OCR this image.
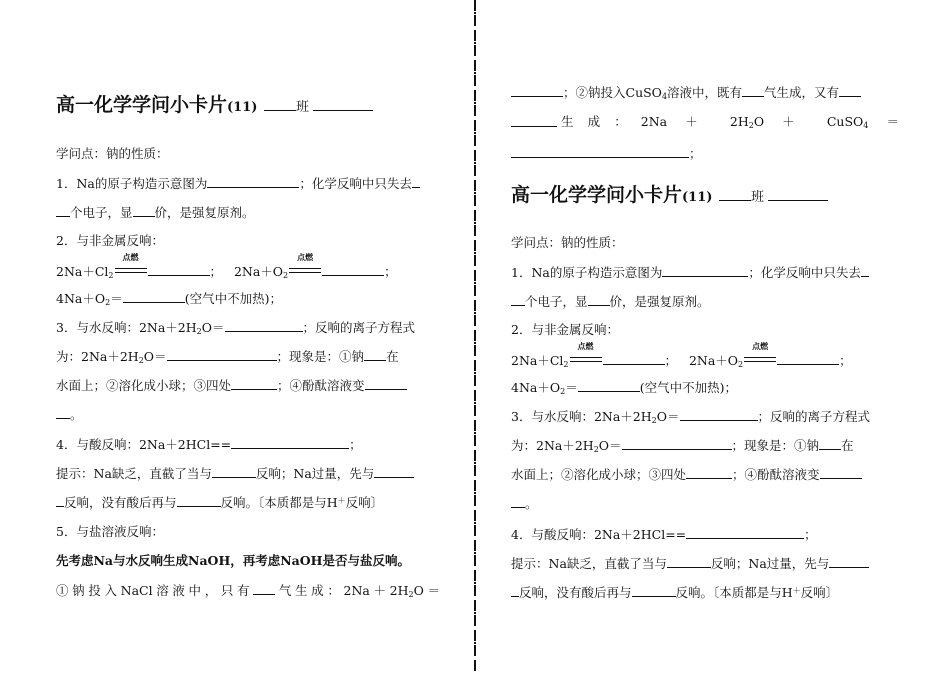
高一化学学问小卡片(11)	班
学问点：钠的性质：
1．Na的原子构造示意图为	；化学反响中只失去
个电子，显 价，是强复原剂。
2．与非金属反响：
$2Na+Cl_2$
点燃
； $2Na+O_2$
点燃
；
$4Na+O_2=$	(空气中不加热)；
3．与水反响：$2Na+2H_2O=$	；反响的离子方程式
为：$2Na+2H_2O=$	；现象是：①钠 在
水面上；②溶化成小球；③四处	；④酚酞溶液变
。
4．与酸反响：2Na＋2HCl==	；
提示：Na缺乏，直截了当与	反响；Na过量，先与
反响，没有酸后再与	反响。〔本质都是与H＋反响〕
5．与盐溶液反响：
先考虑Na与水反响生成NaOH，再考虑NaOH是否与盐反响。
①钠投入NaCl溶液中，只有 气生成：$2Na+2H_2O=$
；②钠投入CuSO$_4$溶液中，既有 气生成，又有
生成：$2Na + 2H_2O$ ＋ CuSO$_4$ ＝
；
高一化学学问小卡片(11)	班
学问点：钠的性质：
1．Na的原子构造示意图为	；化学反响中只失去
个电子，显 价，是强复原剂。
2．与非金属反响：
$2Na+Cl_2$
点燃
； $2Na+O_2$
点燃
；
$4Na+O_2=$	(空气中不加热)；
3．与水反响：$2Na+2H_2O=$	；反响的离子方程式
为：$2Na+2H_2O=$	；现象是：①钠 在
水面上；②溶化成小球；③四处	；④酚酞溶液变
。
4．与酸反响：2Na＋2HCl==	；
提示：Na缺乏，直截了当与	反响；Na过量，先与
反响，没有酸后再与	反响。〔本质都是与H＋反响〕
